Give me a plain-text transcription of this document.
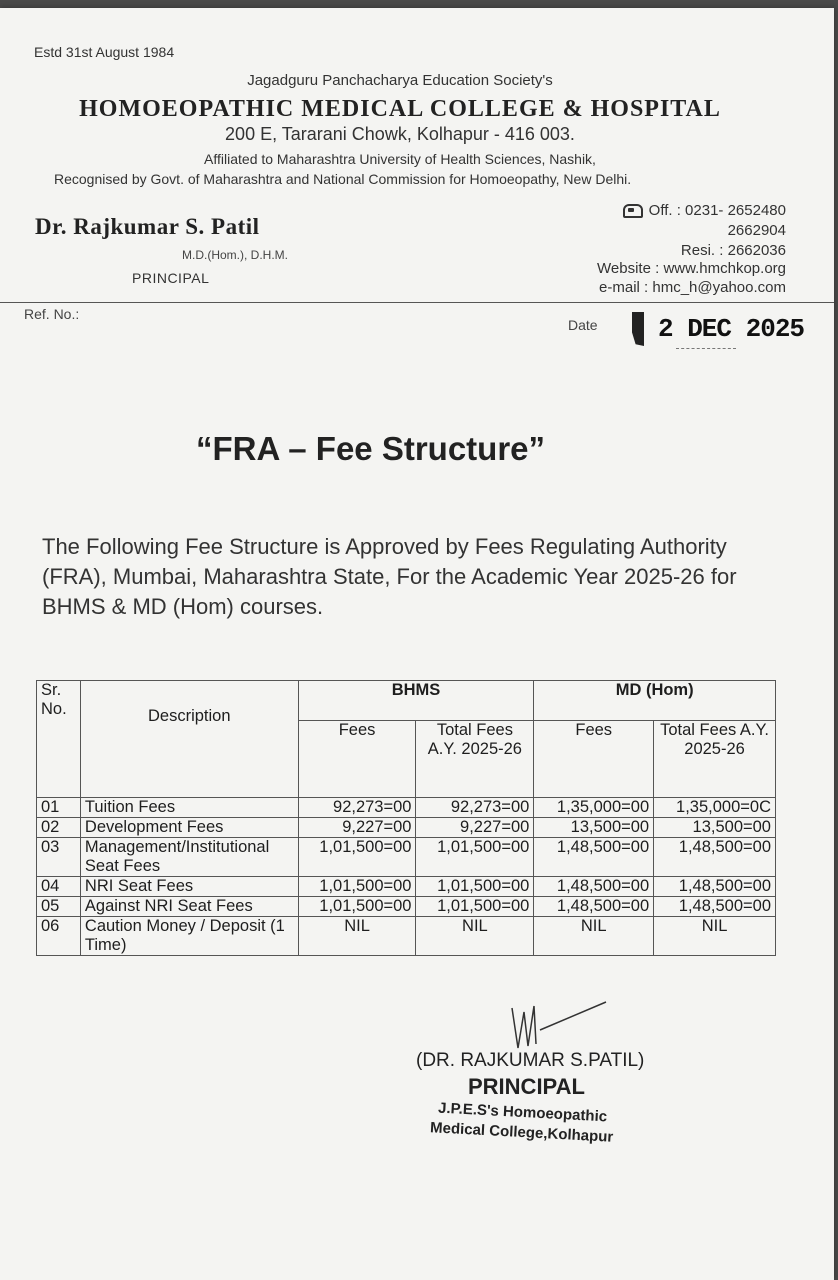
Estd 31st August 1984
Jagadguru Panchacharya Education Society's
HOMOEOPATHIC MEDICAL COLLEGE & HOSPITAL
200 E, Tararani Chowk, Kolhapur - 416 003.
Affiliated to Maharashtra University of Health Sciences, Nashik,
Recognised by Govt. of Maharashtra and National Commission for Homoeopathy, New Delhi.
Dr. Rajkumar S. Patil
M.D.(Hom.), D.H.M.
PRINCIPAL
Off. : 0231- 2652480
2662904
Resi. : 2662036
Website : www.hmchkop.org
e-mail : hmc_h@yahoo.com
Ref. No.:
Date 2 DEC 2025
“FRA – Fee Structure”
The Following Fee Structure is Approved by Fees Regulating Authority (FRA), Mumbai, Maharashtra State, For the Academic Year 2025-26 for BHMS & MD (Hom) courses.
Sr. No.	Description	BHMS		MD (Hom)	
		Fees	Total Fees A.Y. 2025-26	Fees	Total Fees A.Y. 2025-26
01	Tuition Fees	92,273=00	92,273=00	1,35,000=00	1,35,000=0C
02	Development Fees	9,227=00	9,227=00	13,500=00	13,500=00
03	Management/Institutional Seat Fees	1,01,500=00	1,01,500=00	1,48,500=00	1,48,500=00
04	NRI Seat Fees	1,01,500=00	1,01,500=00	1,48,500=00	1,48,500=00
05	Against NRI Seat Fees	1,01,500=00	1,01,500=00	1,48,500=00	1,48,500=00
06	Caution Money / Deposit (1 Time)	NIL	NIL	NIL	NIL
(DR. RAJKUMAR S.PATIL)
PRINCIPAL
J.P.E.S's Homoeopathic
Medical College,Kolhapur
